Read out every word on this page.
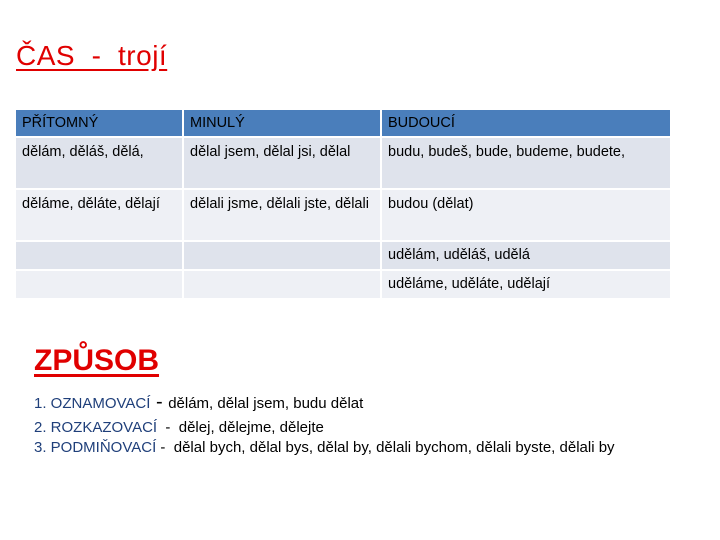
ČAS  -  trojí
PŘÍTOMNÝ	MINULÝ	BUDOUCÍ
dělám, děláš, dělá,	dělal jsem, dělal jsi, dělal	budu, budeš, bude, budeme, budete,
děláme, děláte, dělají	dělali jsme, dělali jste, dělali	budou (dělat)
		udělám, uděláš, udělá
		uděláme, uděláte, udělají
ZPŮSOB
1. OZNAMOVACÍ - dělám, dělal jsem, budu dělat
2. ROZKAZOVACÍ  -  dělej, dělejme, dělejte
3. PODMIŇOVACÍ -  dělal bych, dělal bys, dělal by, dělali bychom, dělali byste, dělali by
